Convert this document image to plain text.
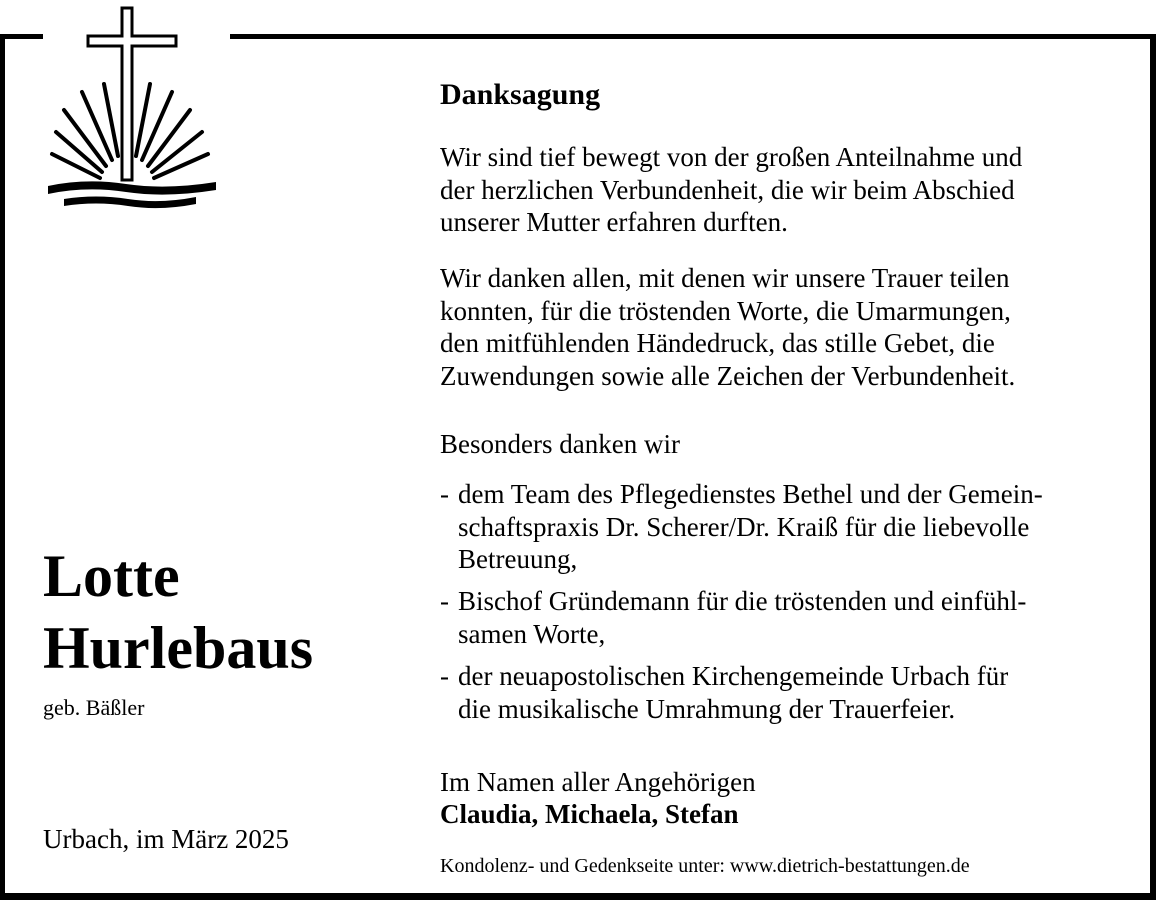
Lotte
Hurlebaus
geb. Bäßler
Urbach, im März 2025
Danksagung
Wir sind tief bewegt von der großen Anteilnahme und
der herzlichen Verbundenheit, die wir beim Abschied
unserer Mutter erfahren durften.
Wir danken allen, mit denen wir unsere Trauer teilen
konnten, für die tröstenden Worte, die Umarmungen,
den mitfühlenden Händedruck, das stille Gebet, die
Zuwendungen sowie alle Zeichen der Verbundenheit.
Besonders danken wir
- dem Team des Pflegedienstes Bethel und der Gemein-
schaftspraxis Dr. Scherer/Dr. Kraiß für die liebevolle
Betreuung,
- Bischof Gründemann für die tröstenden und einfühl-
samen Worte,
- der neuapostolischen Kirchengemeinde Urbach für
die musikalische Umrahmung der Trauerfeier.
Im Namen aller Angehörigen
Claudia, Michaela, Stefan
Kondolenz- und Gedenkseite unter: www.dietrich-bestattungen.de
